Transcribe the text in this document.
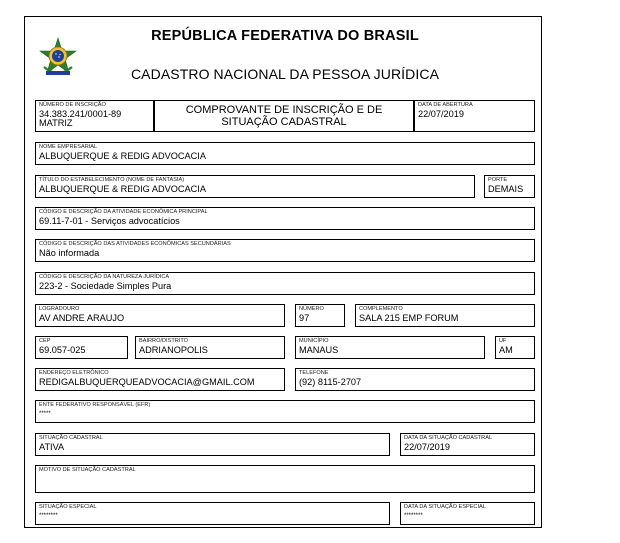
REPÚBLICA FEDERATIVA DO BRASIL
CADASTRO NACIONAL DA PESSOA JURÍDICA
NÚMERO DE INSCRIÇÃO
34.383.241/0001-89
MATRIZ
COMPROVANTE DE INSCRIÇÃO E DE SITUAÇÃO CADASTRAL
DATA DE ABERTURA
22/07/2019
NOME EMPRESARIAL
ALBUQUERQUE & REDIG ADVOCACIA
TÍTULO DO ESTABELECIMENTO (NOME DE FANTASIA)
ALBUQUERQUE & REDIG ADVOCACIA
PORTE
DEMAIS
CÓDIGO E DESCRIÇÃO DA ATIVIDADE ECONÔMICA PRINCIPAL
69.11-7-01 - Serviços advocatícios
CÓDIGO E DESCRIÇÃO DAS ATIVIDADES ECONÔMICAS SECUNDÁRIAS
Não informada
CÓDIGO E DESCRIÇÃO DA NATUREZA JURÍDICA
223-2 - Sociedade Simples Pura
LOGRADOURO
AV ANDRE ARAUJO
NÚMERO
97
COMPLEMENTO
SALA 215 EMP FORUM
CEP
69.057-025
BAIRRO/DISTRITO
ADRIANOPOLIS
MUNICÍPIO
MANAUS
UF
AM
ENDEREÇO ELETRÔNICO
REDIGALBUQUERQUEADVOCACIA@GMAIL.COM
TELEFONE
(92) 8115-2707
ENTE FEDERATIVO RESPONSÁVEL (EFR)
*****
SITUAÇÃO CADASTRAL
ATIVA
DATA DA SITUAÇÃO CADASTRAL
22/07/2019
MOTIVO DE SITUAÇÃO CADASTRAL
SITUAÇÃO ESPECIAL
********
DATA DA SITUAÇÃO ESPECIAL
********
